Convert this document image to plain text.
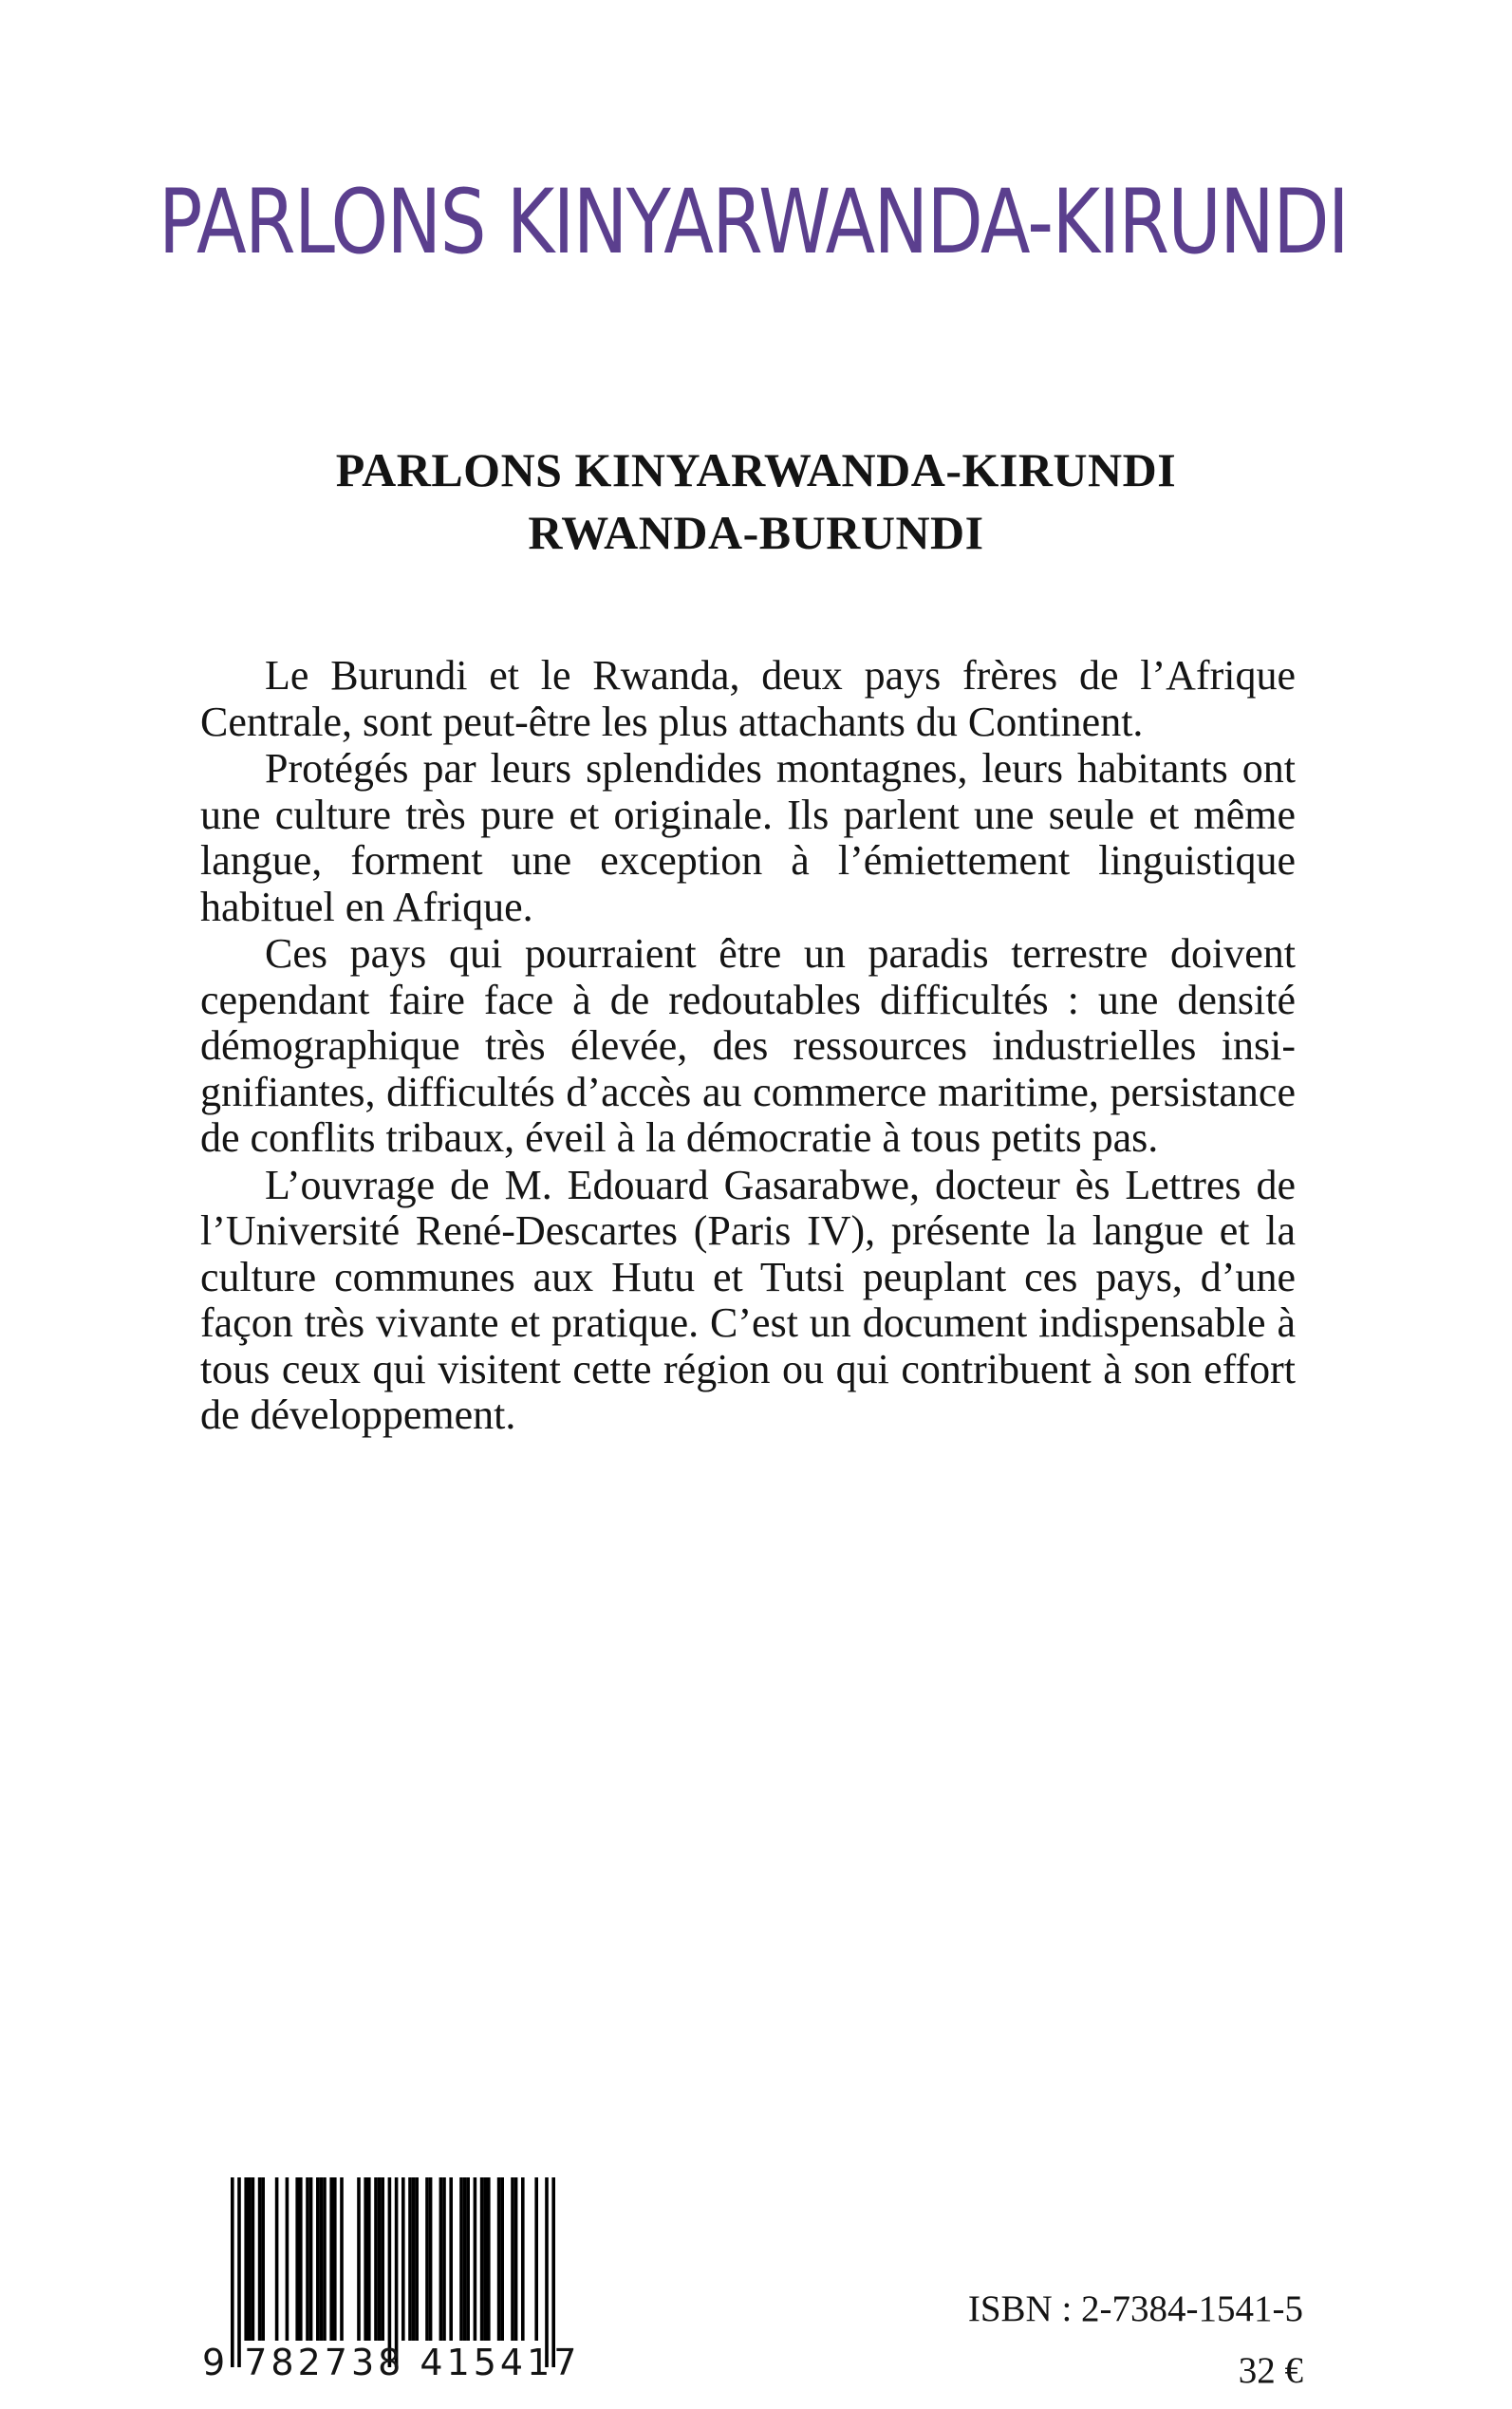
PARLONS KINYARWANDA-KIRUNDI
PARLONS KINYARWANDA-KIRUNDI
RWANDA-BURUNDI

Le Burundi et le Rwanda, deux pays frères de l’Afrique Centrale, sont peut-être les plus attachants du Continent.

Protégés par leurs splendides montagnes, leurs habitants ont une culture très pure et originale. Ils parlent une seule et même langue, forment une exception à l’émiettement linguistique habituel en Afrique.

Ces pays qui pourraient être un paradis terrestre doivent cependant faire face à de redoutables difficultés : une densité démographique très élevée, des ressources industrielles insignifiantes, difficultés d’accès au commerce maritime, persistance de conflits tribaux, éveil à la démocratie à tous petits pas.

L’ouvrage de M. Edouard Gasarabwe, docteur ès Lettres de l’Université René-Descartes (Paris IV), présente la langue et la culture communes aux Hutu et Tutsi peuplant ces pays, d’une façon très vivante et pratique. C’est un document indispensable à tous ceux qui visitent cette région ou qui contribuent à son effort de développement.

9 782738 415417
ISBN : 2-7384-1541-5
32 €
